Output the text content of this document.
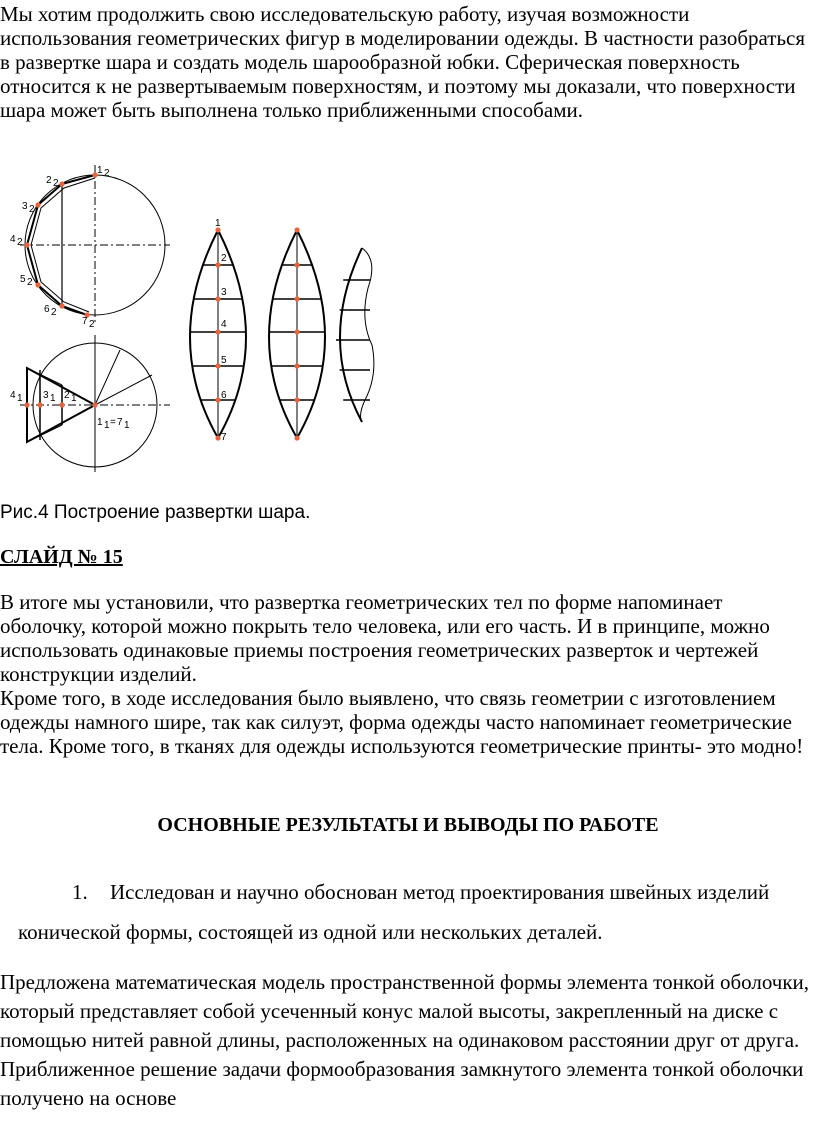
Мы хотим продолжить свою исследовательскую работу, изучая возможности использования геометрических фигур в моделировании одежды. В частности разобраться в развертке шара и создать модель шарообразной юбки. Сферическая поверхность относится к не развертываемым поверхностям, и поэтому мы доказали, что поверхности шара может быть выполнена только приближенными способами.

1 2
2 2
3 2
4 2
5 2
6 2
7 2
4 1 3 1 2 1
1 1 = 7 1
1
2
3
4
5
6
7

Рис.4 Построение развертки шара.

СЛАЙД № 15

В итоге мы установили, что развертка геометрических тел по форме напоминает оболочку, которой можно покрыть тело человека, или его часть. И в принципе, можно использовать одинаковые приемы построения геометрических разверток и чертежей конструкции изделий.

Кроме того, в ходе исследования было выявлено, что связь геометрии с изготовлением одежды намного шире, так как силуэт, форма одежды часто напоминает геометрические тела. Кроме того, в тканях для одежды используются геометрические принты- это модно!

ОСНОВНЫЕ РЕЗУЛЬТАТЫ И ВЫВОДЫ ПО РАБОТЕ

1. Исследован и научно обоснован метод проектирования швейных изделий

конической формы, состоящей из одной или нескольких деталей.

Предложена математическая модель пространственной формы элемента тонкой оболочки, который представляет собой усеченный конус малой высоты, закрепленный на диске с помощью нитей равной длины, расположенных на одинаковом расстоянии друг от друга. Приближенное решение задачи формообразования замкнутого элемента тонкой оболочки получено на основе
